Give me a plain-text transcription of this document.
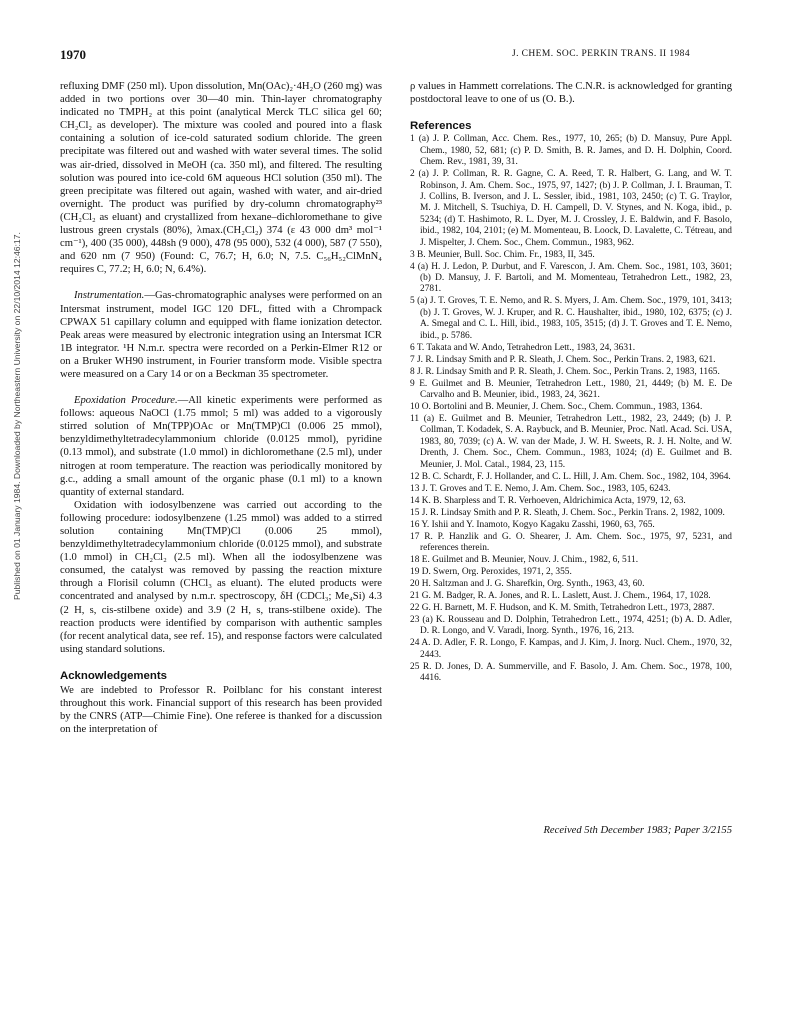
Published on 01 January 1984. Downloaded by Northeastern University on 22/10/2014 12:46:17.
1970	J. CHEM. SOC. PERKIN TRANS. II 1984

refluxing DMF (250 ml). Upon dissolution, Mn(OAc)₂·4H₂O (260 mg) was added in two portions over 30—40 min. Thin-layer chromatography indicated no TMPH₂ at this point (analytical Merck TLC silica gel 60; CH₂Cl₂ as developer). The mixture was cooled and poured into a flask containing a solution of ice-cold saturated sodium chloride. The green precipitate was filtered out and washed with water several times. The solid was air-dried, dissolved in MeOH (ca. 350 ml), and filtered. The resulting solution was poured into ice-cold 6M aqueous HCl solution (350 ml). The green precipitate was filtered out again, washed with water, and air-dried overnight. The product was purified by dry-column chromatography²³ (CH₂Cl₂ as eluant) and crystallized from hexane–dichloromethane to give lustrous green crystals (80%), λmax.(CH₂Cl₂) 374 (ε 43 000 dm³ mol⁻¹ cm⁻¹), 400 (35 000), 448sh (9 000), 478 (95 000), 532 (4 000), 587 (7 550), and 620 nm (7 950) (Found: C, 76.7; H, 6.0; N, 7.5. C₅₆H₅₂ClMnN₄ requires C, 77.2; H, 6.0; N, 6.4%).

Instrumentation.—Gas-chromatographic analyses were performed on an Intersmat instrument, model IGC 120 DFL, fitted with a Chrompack CPWAX 51 capillary column and equipped with flame ionization detector. Peak areas were measured by electronic integration using an Intersmat ICR 1B integrator. ¹H N.m.r. spectra were recorded on a Perkin-Elmer R12 or on a Bruker WH90 instrument, in Fourier transform mode. Visible spectra were measured on a Cary 14 or on a Beckman 35 spectrometer.

Epoxidation Procedure.—All kinetic experiments were performed as follows: aqueous NaOCl (1.75 mmol; 5 ml) was added to a vigorously stirred solution of Mn(TPP)OAc or Mn(TMP)Cl (0.006 25 mmol), benzyldimethyltetradecylammonium chloride (0.0125 mmol), pyridine (0.13 mmol), and substrate (1.0 mmol) in dichloromethane (2.5 ml), under nitrogen at room temperature. The reaction was periodically monitored by g.c., adding a small amount of the organic phase (0.1 ml) to a known quantity of external standard.

Oxidation with iodosylbenzene was carried out according to the following procedure: iodosylbenzene (1.25 mmol) was added to a stirred solution containing Mn(TMP)Cl (0.006 25 mmol), benzyldimethyltetradecylammonium chloride (0.0125 mmol), and substrate (1.0 mmol) in CH₂Cl₂ (2.5 ml). When all the iodosylbenzene was consumed, the catalyst was removed by passing the reaction mixture through a Florisil column (CHCl₃ as eluant). The eluted products were concentrated and analysed by n.m.r. spectroscopy, δH (CDCl₃; Me₄Si) 4.3 (2 H, s, cis-stilbene oxide) and 3.9 (2 H, s, trans-stilbene oxide). The reaction products were identified by comparison with authentic samples (for recent analytical data, see ref. 15), and response factors were calculated using standard solutions.

Acknowledgements

We are indebted to Professor R. Poilblanc for his constant interest throughout this work. Financial support of this research has been provided by the CNRS (ATP—Chimie Fine). One referee is thanked for a discussion on the interpretation of

ρ values in Hammett correlations. The C.N.R. is acknowledged for granting postdoctoral leave to one of us (O. B.).

References

1 (a) J. P. Collman, Acc. Chem. Res., 1977, 10, 265; (b) D. Mansuy, Pure Appl. Chem., 1980, 52, 681; (c) P. D. Smith, B. R. James, and D. H. Dolphin, Coord. Chem. Rev., 1981, 39, 31.
2 (a) J. P. Collman, R. R. Gagne, C. A. Reed, T. R. Halbert, G. Lang, and W. T. Robinson, J. Am. Chem. Soc., 1975, 97, 1427; (b) J. P. Collman, J. I. Brauman, T. J. Collins, B. Iverson, and J. L. Sessler, ibid., 1981, 103, 2450; (c) T. G. Traylor, M. J. Mitchell, S. Tsuchiya, D. H. Campell, D. V. Stynes, and N. Koga, ibid., p. 5234; (d) T. Hashimoto, R. L. Dyer, M. J. Crossley, J. E. Baldwin, and F. Basolo, ibid., 1982, 104, 2101; (e) M. Momenteau, B. Loock, D. Lavalette, C. Tétreau, and J. Mispelter, J. Chem. Soc., Chem. Commun., 1983, 962.
3 B. Meunier, Bull. Soc. Chim. Fr., 1983, II, 345.
4 (a) H. J. Ledon, P. Durbut, and F. Varescon, J. Am. Chem. Soc., 1981, 103, 3601; (b) D. Mansuy, J. F. Bartoli, and M. Momenteau, Tetrahedron Lett., 1982, 23, 2781.
5 (a) J. T. Groves, T. E. Nemo, and R. S. Myers, J. Am. Chem. Soc., 1979, 101, 3413; (b) J. T. Groves, W. J. Kruper, and R. C. Haushalter, ibid., 1980, 102, 6375; (c) J. A. Smegal and C. L. Hill, ibid., 1983, 105, 3515; (d) J. T. Groves and T. E. Nemo, ibid., p. 5786.
6 T. Takata and W. Ando, Tetrahedron Lett., 1983, 24, 3631.
7 J. R. Lindsay Smith and P. R. Sleath, J. Chem. Soc., Perkin Trans. 2, 1983, 621.
8 J. R. Lindsay Smith and P. R. Sleath, J. Chem. Soc., Perkin Trans. 2, 1983, 1165.
9 E. Guilmet and B. Meunier, Tetrahedron Lett., 1980, 21, 4449; (b) M. E. De Carvalho and B. Meunier, ibid., 1983, 24, 3621.
10 O. Bortolini and B. Meunier, J. Chem. Soc., Chem. Commun., 1983, 1364.
11 (a) E. Guilmet and B. Meunier, Tetrahedron Lett., 1982, 23, 2449; (b) J. P. Collman, T. Kodadek, S. A. Raybuck, and B. Meunier, Proc. Natl. Acad. Sci. USA, 1983, 80, 7039; (c) A. W. van der Made, J. W. H. Sweets, R. J. H. Nolte, and W. Drenth, J. Chem. Soc., Chem. Commun., 1983, 1024; (d) E. Guilmet and B. Meunier, J. Mol. Catal., 1984, 23, 115.
12 B. C. Schardt, F. J. Hollander, and C. L. Hill, J. Am. Chem. Soc., 1982, 104, 3964.
13 J. T. Groves and T. E. Nemo, J. Am. Chem. Soc., 1983, 105, 6243.
14 K. B. Sharpless and T. R. Verhoeven, Aldrichimica Acta, 1979, 12, 63.
15 J. R. Lindsay Smith and P. R. Sleath, J. Chem. Soc., Perkin Trans. 2, 1982, 1009.
16 Y. Ishii and Y. Inamoto, Kogyo Kagaku Zasshi, 1960, 63, 765.
17 R. P. Hanzlik and G. O. Shearer, J. Am. Chem. Soc., 1975, 97, 5231, and references therein.
18 E. Guilmet and B. Meunier, Nouv. J. Chim., 1982, 6, 511.
19 D. Swern, Org. Peroxides, 1971, 2, 355.
20 H. Saltzman and J. G. Sharefkin, Org. Synth., 1963, 43, 60.
21 G. M. Badger, R. A. Jones, and R. L. Laslett, Aust. J. Chem., 1964, 17, 1028.
22 G. H. Barnett, M. F. Hudson, and K. M. Smith, Tetrahedron Lett., 1973, 2887.
23 (a) K. Rousseau and D. Dolphin, Tetrahedron Lett., 1974, 4251; (b) A. D. Adler, D. R. Longo, and V. Varadi, Inorg. Synth., 1976, 16, 213.
24 A. D. Adler, F. R. Longo, F. Kampas, and J. Kim, J. Inorg. Nucl. Chem., 1970, 32, 2443.
25 R. D. Jones, D. A. Summerville, and F. Basolo, J. Am. Chem. Soc., 1978, 100, 4416.
Received 5th December 1983; Paper 3/2155
